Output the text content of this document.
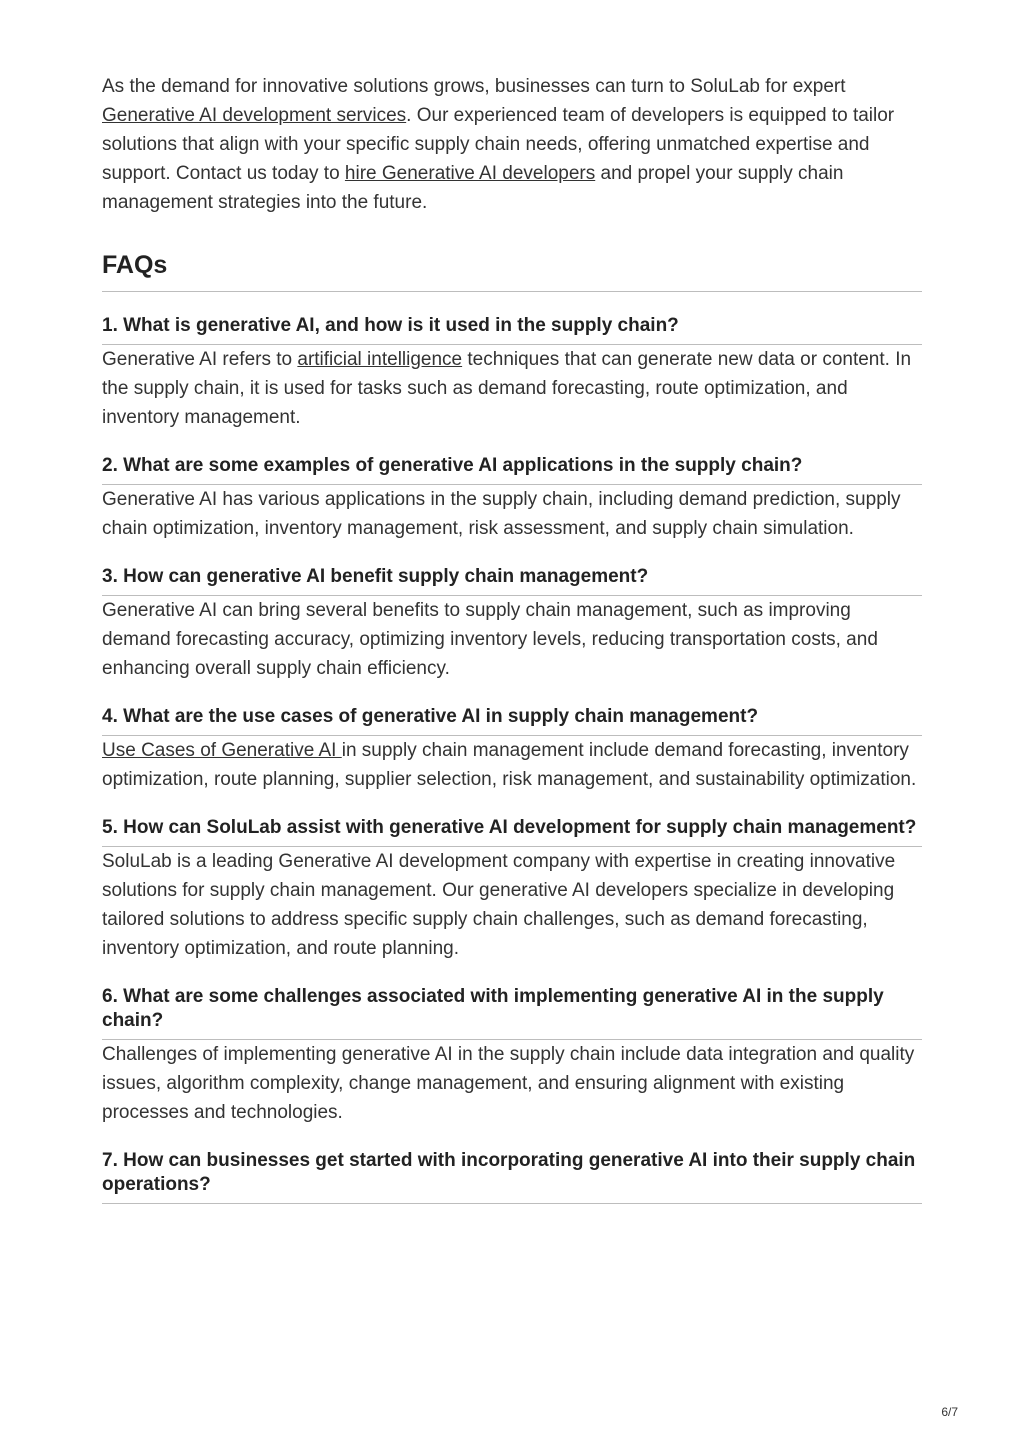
As the demand for innovative solutions grows, businesses can turn to SoluLab for expert Generative AI development services. Our experienced team of developers is equipped to tailor solutions that align with your specific supply chain needs, offering unmatched expertise and support. Contact us today to hire Generative AI developers and propel your supply chain management strategies into the future.

FAQs
1. What is generative AI, and how is it used in the supply chain?

Generative AI refers to artificial intelligence techniques that can generate new data or content. In the supply chain, it is used for tasks such as demand forecasting, route optimization, and inventory management.

2. What are some examples of generative AI applications in the supply chain?

Generative AI has various applications in the supply chain, including demand prediction, supply chain optimization, inventory management, risk assessment, and supply chain simulation.

3. How can generative AI benefit supply chain management?

Generative AI can bring several benefits to supply chain management, such as improving demand forecasting accuracy, optimizing inventory levels, reducing transportation costs, and enhancing overall supply chain efficiency.

4. What are the use cases of generative AI in supply chain management?

Use Cases of Generative AI in supply chain management include demand forecasting, inventory optimization, route planning, supplier selection, risk management, and sustainability optimization.

5. How can SoluLab assist with generative AI development for supply chain management?

SoluLab is a leading Generative AI development company with expertise in creating innovative solutions for supply chain management. Our generative AI developers specialize in developing tailored solutions to address specific supply chain challenges, such as demand forecasting, inventory optimization, and route planning.

6. What are some challenges associated with implementing generative AI in the supply chain?

Challenges of implementing generative AI in the supply chain include data integration and quality issues, algorithm complexity, change management, and ensuring alignment with existing processes and technologies.

7. How can businesses get started with incorporating generative AI into their supply chain operations?
6/7
